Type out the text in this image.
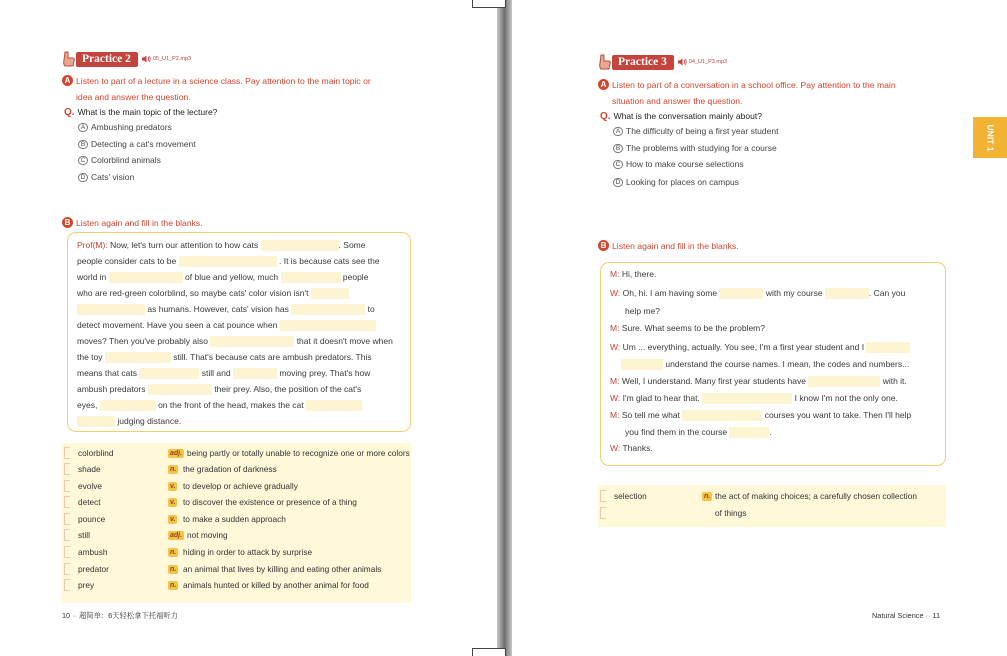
Practice 2	05_U1_P2.mp3
A Listen to part of a lecture in a science class. Pay attention to the main topic or
idea and answer the question.
Q. What is the main topic of the lecture?
A Ambushing predators
B Detecting a cat's movement
C Colorblind animals
D Cats' vision
B Listen again and fill in the blanks.
Prof(M): Now, let's turn our attention to how cats	. Some
people consider cats to be	. It is because cats see the
world in	of blue and yellow, much	people
who are red-green colorblind, so maybe cats' color vision isn't
as humans. However, cats' vision has	to
detect movement. Have you seen a cat pounce when
moves? Then you've probably also	that it doesn't move when
the toy	still. That's because cats are ambush predators. This
means that cats	still and	moving prey. That's how
ambush predators	their prey. Also, the position of the cat's
eyes,	on the front of the head, makes the cat
judging distance.
colorblind	adj. being partly or totally unable to recognize one or more colors
shade	n. the gradation of darkness
evolve	v. to develop or achieve gradually
detect	v. to discover the existence or presence of a thing
pounce	v. to make a sudden approach
still	adj. not moving
ambush	n. hiding in order to attack by surprise
predator	n. an animal that lives by killing and eating other animals
prey	n. animals hunted or killed by another animal for food
10 ·· 超简单：6天轻松拿下托福听力
Practice 3	04_U1_P3.mp3
A Listen to part of a conversation in a school office. Pay attention to the main
situation and answer the question.
Q. What is the conversation mainly about?
A The difficulty of being a first year student
B The problems with studying for a course
C How to make course selections
D Looking for places on campus
B Listen again and fill in the blanks.
M: Hi, there.
W: Oh, hi. I am having some	with my course	. Can you
help me?
M: Sure. What seems to be the problem?
W: Um ... everything, actually. You see, I'm a first year student and I
understand the course names. I mean, the codes and numbers...
M: Well, I understand. Many first year students have	with it.
W: I'm glad to hear that.	I know I'm not the only one.
M: So tell me what	courses you want to take. Then I'll help
you find them in the course	.
W: Thanks.
selection	n. the act of making choices; a carefully chosen collection
of things
Natural Science ·· 11
UNIT 1
